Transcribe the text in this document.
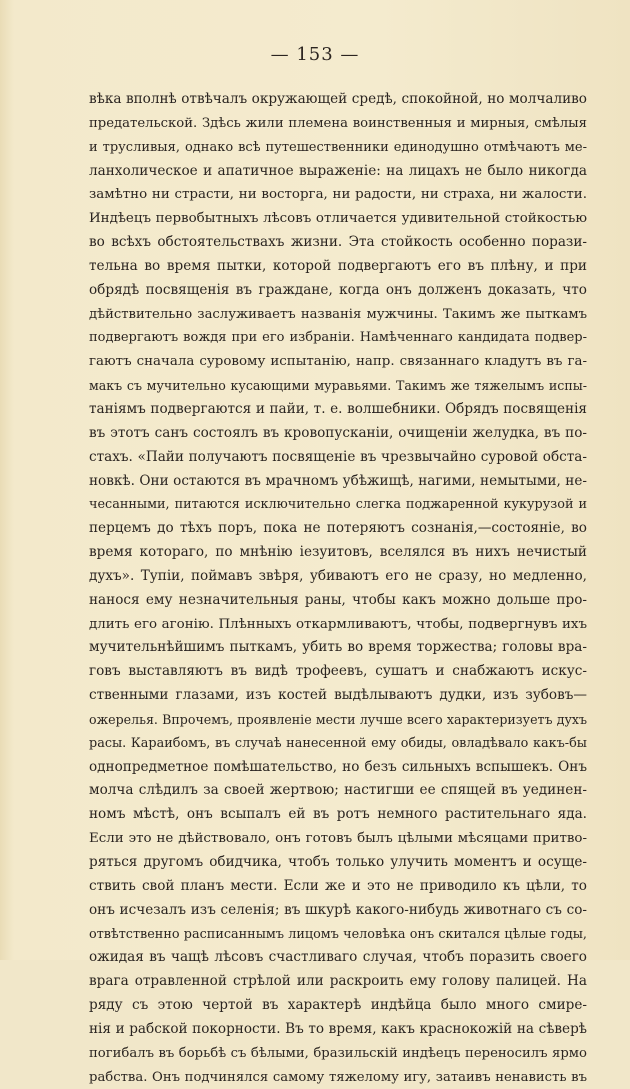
— 153 —
вѣка вполнѣ отвѣчалъ окружающей средѣ, спокойной, но молчаливо
предательской. Здѣсь жили племена воинственныя и мирныя, смѣлыя
и трусливыя, однако всѣ путешественники единодушно отмѣчаютъ ме-
ланхолическое и апатичное выраженіе: на лицахъ не было никогда
замѣтно ни страсти, ни восторга, ни радости, ни страха, ни жалости.
Индѣецъ первобытныхъ лѣсовъ отличается удивительной стойкостью
во всѣхъ обстоятельствахъ жизни. Эта стойкость особенно порази-
тельна во время пытки, которой подвергаютъ его въ плѣну, и при
обрядѣ посвященія въ граждане, когда онъ долженъ доказать, что
дѣйствительно заслуживаетъ названія мужчины. Такимъ же пыткамъ
подвергаютъ вождя при его избраніи. Намѣченнаго кандидата подвер-
гаютъ сначала суровому испытанію, напр. связаннаго кладутъ въ га-
макъ съ мучительно кусающими муравьями. Такимъ же тяжелымъ испы-
таніямъ подвергаются и пайи, т. е. волшебники. Обрядъ посвященія
въ этотъ санъ состоялъ въ кровопусканіи, очищеніи желудка, въ по-
стахъ. «Пайи получаютъ посвященіе въ чрезвычайно суровой обста-
новкѣ. Они остаются въ мрачномъ убѣжищѣ, нагими, немытыми, не-
чесанными, питаются исключительно слегка поджаренной кукурузой и
перцемъ до тѣхъ поръ, пока не потеряютъ сознанія,—состояніе, во
время котораго, по мнѣнію іезуитовъ, вселялся въ нихъ нечистый
духъ». Тупіи, поймавъ звѣря, убиваютъ его не сразу, но медленно,
нанося ему незначительныя раны, чтобы какъ можно дольше про-
длить его агонію. Плѣнныхъ откармливаютъ, чтобы, подвергнувъ ихъ
мучительнѣйшимъ пыткамъ, убить во время торжества; головы вра-
говъ выставляютъ въ видѣ трофеевъ, сушатъ и снабжаютъ искус-
ственными глазами, изъ костей выдѣлываютъ дудки, изъ зубовъ—
ожерелья. Впрочемъ, проявленіе мести лучше всего характеризуетъ духъ
расы. Караибомъ, въ случаѣ нанесенной ему обиды, овладѣвало какъ-бы
однопредметное помѣшательство, но безъ сильныхъ вспышекъ. Онъ
молча слѣдилъ за своей жертвою; настигши ее спящей въ уединен-
номъ мѣстѣ, онъ всыпалъ ей въ ротъ немного растительнаго яда.
Если это не дѣйствовало, онъ готовъ былъ цѣлыми мѣсяцами притво-
ряться другомъ обидчика, чтобъ только улучить моментъ и осуще-
ствить свой планъ мести. Если же и это не приводило къ цѣли, то
онъ исчезалъ изъ селенія; въ шкурѣ какого-нибудь животнаго съ со-
отвѣтственно расписаннымъ лицомъ человѣка онъ скитался цѣлые годы,
ожидая въ чащѣ лѣсовъ счастливаго случая, чтобъ поразить своего
врага отравленной стрѣлой или раскроить ему голову палицей. На
ряду съ этою чертой въ характерѣ индѣйца было много смире-
нія и рабской покорности. Въ то время, какъ краснокожій на сѣверѣ
погибалъ въ борьбѣ съ бѣлыми, бразильскій индѣецъ переносилъ ярмо
рабства. Онъ подчинялся самому тяжелому игу, затаивъ ненависть въ
